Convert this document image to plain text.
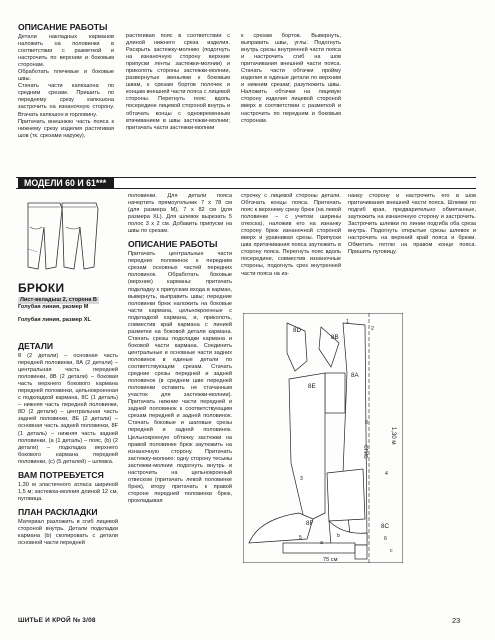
ОПИСАНИЕ РАБОТЫ

Детали накладных карманов наложить на половинки в соответствии с разметкой и настрочить по верхним и боковым сторонам.

Обработать плечевые и боковые швы.

Стачать части капюшона по средним срезам. Пришить по переднему срезу капюшона застрочить на изнаночную сторону. Втачать капюшон в горловину.

Притачать внешнюю часть пояса к нижнему срезу изделия растягивая шов (тк. срезами наружу),

растягивая пояс в соответствии с длиной нижнего среза изделия. Раскрыть застежку-молнию (подогнуть на изнаночную сторону верхние припуски ленты застежки-молнии) и приколоть стороны застежки-молнии, развернутые звеньями к боковым швам, к срезам бортов полочек и концам внешней части пояса с лицевой стороны. Перегнуть пояс вдоль посередине лицевой стороной внутрь и обтачать концы с одновременным втачиванием в швы застежки-молнии; притачать части застежки-молнии

к срезам бортов. Вывернуть, выправить швы, углы. Подогнуть внутрь срезы внутренней части пояса и настрочить сгиб на шов притачивания внешней части пояса. Стачать части обтачки пройму изделия в единые детали по верхним и нижним срезам; разутюжить швы. Наложить обтачки на лицевую сторону изделия лицевой стороной вверх в соответствии с разметкой и настрочить по передним и боковым сторонам.

МОДЕЛИ 60 И 61***
БРЮКИ
Лист-вкладыш 2, сторона В
Голубая линия, размер M
Голубая линия, размер XL
ДЕТАЛИ

8 (2 детали) – основная часть передней половинки, 8А (2 детали) – центральная часть передней половинки, 8В (2 детали) – боковая часть верхнего бокового кармана передней половинки, цельнокроенная с подкладкой кармана, 8С (1 деталь) – нижняя часть передней половинки, 8D (2 детали) – центральная часть задней половинки, 8Е (2 детали) – основная часть задней половинки, 8F (1 деталь) – нижняя часть задней половинки, (а (1 деталь) – пояс, (b) (2 детали) – подкладка верхнего бокового кармана передней половинки, (с) (5 деталей) – шлевка.

ВАМ ПОТРЕБУЕТСЯ

1,30 м эластичного атласа шириной 1,5 м; застежка-молния длиной 12 см, пуговица.

ПЛАН РАСКЛАДКИ

Материал разложить в сгиб лицевой стороной внутрь. Детали подкладки кармана (b) скопировать с детали основной части передней

половинки. Для детали пояса начертить прямоугольник 7 х 78 см (для размера M), 7 х 82 см (для размера XL). Для шлевок вырезать 5 полос 3 х 2 см. Добавить припуски на швы по срезам.

ОПИСАНИЕ РАБОТЫ

Притачать центральные части передних половинок к передним срезам основных частей передних половинок. Обработать боковые (верхние) карманы: притачать подкладку к припускам входа в карман, вывернуть, выправить швы; передние половинки брюк наложить на боковые части кармана, цельнокроенные с подкладкой кармана, и, приколоть, совместив край кармана с линией разметки на боковой детали кармана. Стачать срезы подкладки кармана и боковой части кармана. Соединить центральные и основные части задних половинок в единые детали по соответствующим срезам. Стачать средние срезы передней и задней половинок (в среднем шве передней половинки оставить не стачанным участок для застежки-молнии). Притачать нижние части передней и задней половинок к соответствующим срезам передней и задней половинок. Стачать боковые и шаговые срезы передней и задней половинок. Цельнокроеную обтачку застежки на правой половинке брюк заутюжить на изнаночную сторону. Притачать застежку-молнию: одну сторону тесьмы застежки-молнии подогнуть внутрь и настрочить на цельнокроеный отвеском (притачать левой половинке брюк), втору притачать к правой стороне передней половинки брюк, прокладывая

строчку с лицевой стороны детали. Обтачать концы пояса. Притачать пояс к верхнему срезу брюк (на левой половинке – с учетом ширины откоска), наложив его на изнанку сторону брюк изнаночной стороной вверх и уравнивая срезы. Припуски шва притачивания пояса заутюжить в сторону пояса. Перегнуть пояс вдоль посередине, совместив изнаночные стороны, подогнуть срез внутренней части пояса на из-

нанку сторону и настрочить его в шов притачивания внешней части пояса. Шлевки по подгиб края, предварительно обметанные, заутюжить на изнаночную сторону и застрочить. Застрочить шлевки по линии подгиба оба среза внутрь. Подогнуть открытые срезы шлевок и настрочить на верхний край пояса и брюки. Обметать петлю на правом конце пояса. Пришить пуговицу.

75 см
1,30 м
СГИБ
8D
8B
8A
8
8E
8C
8F
b
a
c
1
2
3
4
5	6
ШИТЬЕ И КРОЙ № 3/08	23
